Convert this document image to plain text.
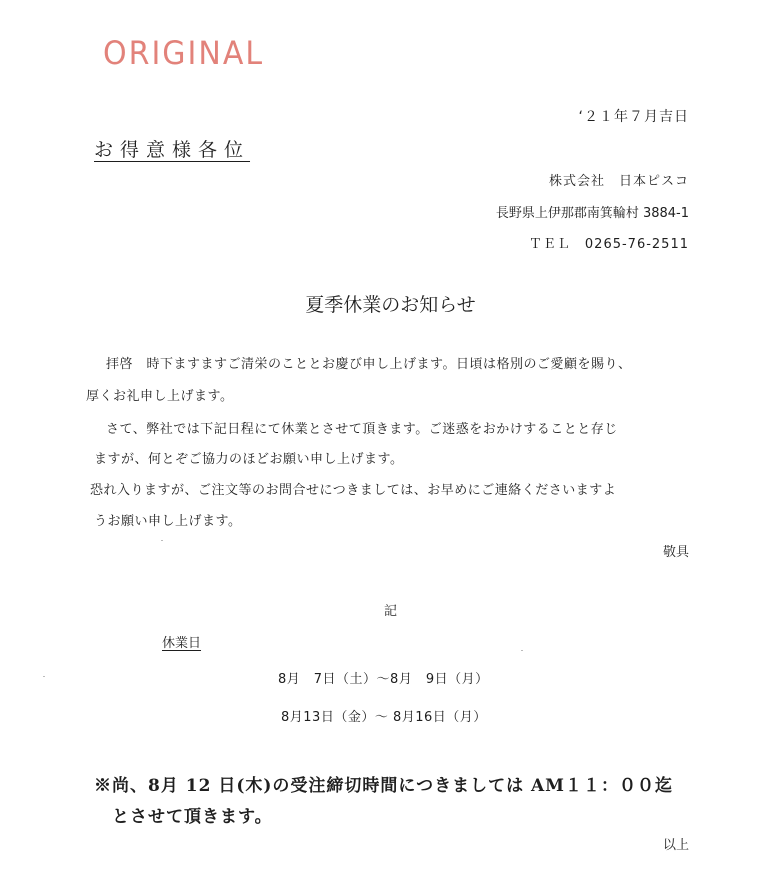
ORIGINAL
‘２１年７月吉日
お得意様各位
株式会社　日本ピスコ
長野県上伊那郡南箕輪村 3884-1
ＴＥＬ　0265-76-2511
夏季休業のお知らせ
拝啓　時下ますますご清栄のこととお慶び申し上げます。日頃は格別のご愛顧を賜り、
厚くお礼申し上げます。
さて、弊社では下記日程にて休業とさせて頂きます。ご迷惑をおかけすることと存じ
ますが、何とぞご協力のほどお願い申し上げます。
恐れ入りますが、ご注文等のお問合せにつきましては、お早めにご連絡くださいますよ
うお願い申し上げます。
敬具
記
休業日
8月　7日（土）～8月　9日（月）
8月13日（金）～ 8月16日（月）
※尚、8月 12 日(木)の受注締切時間につきましては AM１１：００迄
とさせて頂きます。
以上
